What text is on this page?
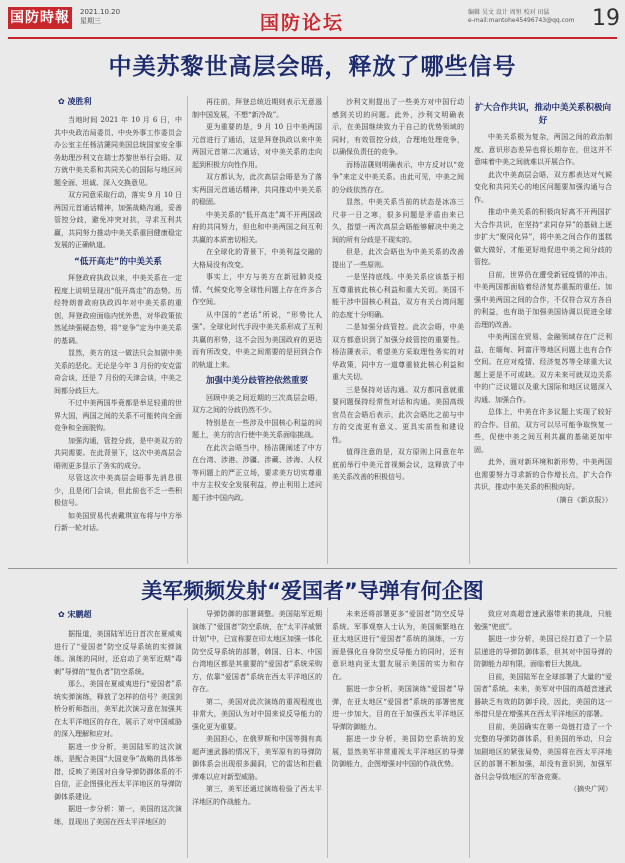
国防時報 2021.10.20
星期三	国防论坛	编辑 吴文 设计 周恒 校对 田猛
e-mail:mantohe45496743@qq.com 19
中美苏黎世高层会晤，释放了哪些信号
✿ 凌胜利

当地时间 2021 年 10 月 6 日，中共中央政治局委员、中央外事工作委员会办公室主任杨洁篪同美国总统国家安全事务助理沙利文在瑞士苏黎世举行会晤。双方就中美关系和共同关心的国际与地区问题全面、坦诚、深入交换意见。

双方同意采取行动，落实 9 月 10 日两国元首通话精神，加强战略沟通，妥善管控分歧，避免冲突对抗，寻求互利共赢，共同努力推动中美关系重回健康稳定发展的正确轨道。

“低开高走”的中美关系

拜登政府执政以来，中美关系在一定程度上说明呈现出“低开高走”的态势。历经特朗普政府执政四年对中美关系的重创，拜登政府面临内忧外患，对华政策依然延续强硬态势，将“竞争”定为中美关系的基调。

显然，美方的这一做法只会加剧中美关系的恶化。无论是今年 3 月份的安克雷奇会谈，还是 7 月份的天津会谈，中美之间都分歧巨大。

不过中美两国毕竟都是举足轻重的世界大国，两国之间的关系不可能转向全面竞争和全面脱钩。

加强沟通，管控分歧，是中美双方的共同需要。在此背景下，这次中美高层会晤则更多显示了务实的成分。

尽管这次中美高层会晤事先消息很少，且是闭门会谈，但此前也不乏一些积极信号。

如美国贸易代表戴琪宣布将与中方举行新一轮对话。

再往前，拜登总统近期则表示无意遏制中国发展，不想“新冷战”。

更为重要的是，9 月 10 日中美两国元首进行了通话，这是拜登执政以来中美两国元首第二次通话，对中美关系的走向起到积极方向性作用。

双方都认为，此次高层会晤是为了落实两国元首通话精神，共同推动中美关系的稳固。

中美关系的“低开高走”离不开两国政府的共同努力，但也和中美两国之间互利共赢的本质密切相关。

在全球化的背景下，中美利益交融的大格局没有改变。

事实上，中方与美方在新冠肺炎疫情、气候变化等全球性问题上存在许多合作空间。

从中国的“老话”所说，“形势比人强”。全球化时代手段中美关系形成了互利共赢的形势，这不会因为美国政府的更迭而有所改变，中美之间需要的是回到合作的轨道上来。

加强中美分歧管控依然重要

回顾中美之间近期的三次高层会晤，双方之间的分歧仍然不少。

特别是在一些涉及中国核心利益的问题上，美方的言行使中美关系面临挑战。

在此次会晤当中，杨洁篪阐述了中方在台湾、涉港、涉疆、涉藏、涉海、人权等问题上的严正立场，要求美方切实尊重中方主权安全发展利益，停止利用上述问题干涉中国内政。

沙利文则提出了一些美方对中国行动感到关切的问题。此外，沙利文明确表示，在美国继续致力于自己的优势领域的同时，有效管控分歧，合理地处理竞争，以确保负责任的竞争。

而杨洁篪则明确表示，中方反对以“竞争”来定义中美关系。由此可见，中美之间的分歧依然存在。

显然，中美关系当前的状态是冰冻三尺非一日之寒，很多问题是矛盾由来已久，指望一两次高层会晤能够解决中美之间的所有分歧是不现实的。

但是，此次会晤也为中美关系的改善提出了一些原则。

一是坚持底线。中美关系应该基于相互尊重彼此核心利益和重大关切。美国不能干涉中国核心利益，双方有关台湾问题的态度十分明确。

二是加强分歧管控。此次会晤，中美双方都意识到了加强分歧管控的重要性。杨洁篪表示，希望美方采取理性务实的对华政策，同中方一道尊重彼此核心利益和重大关切。

三是保持对话沟通。双方都同意就重要问题保持经常性对话和沟通。美国高级官员在会晤后表示，此次会晤比之前与中方的交流更有意义、更具实质性和建设性。

值得注意的是，双方原则上同意在年底前举行中美元首视频会议，这释放了中美关系改善的积极信号。

扩大合作共识，推动中美关系积极向好

中美关系极为复杂，两国之间的政治制度、意识形态差异也将长期存在，但这并不意味着中美之间就难以开展合作。

此次中美高层会晤，双方都表达对气候变化和共同关心的地区问题要加强沟通与合作。

推动中美关系的积极向好离不开两国扩大合作共识，在坚持“求同存异”的基础上逐步扩大“聚同化异”，将中美之间合作的蛋糕做大做好，才能更好地促进中美之间分歧的管控。

目前，世界仍在遭受新冠疫情的冲击，中美两国都面临着经济复苏重振的重任。加强中美两国之间的合作，不仅符合双方各自的利益，也有助于加强美国协调以促进全球治理的改善。

中美两国在贸易、金融领域存在广泛利益，在缅甸、阿富汗等地区问题上也有合作空间。在应对疫情、经济复苏等全球重大议题上更是不可或缺。双方未来可就双边关系中的广泛议题以及重大国际和地区议题深入沟通、加强合作。

总体上，中美在许多议题上实现了较好的合作。目前，双方可以尽可能争取恢复一些，促使中美之间互利共赢的基础更加牢固。

此外，面对新环境和新形势，中美两国也需要努力寻求新的合作增长点，扩大合作共识，推动中美关系的积极向好。

（摘自《新京报》）

美军频频发射“爱国者”导弹有何企图
✿ 宋鹏超

据报道，美国陆军近日首次在夏威夷进行了“爱国者”防空反导系统的实弹演练。演练的同时，还启动了美军近期“毒刺”导弹的“复仇者”防空系统。

那么，美国在夏威夷进行“爱国者”系统实弹演练，释放了怎样的信号？美国剑桥分析师指出，美军此次演习意在加强其在太平洋地区的存在，展示了对中国威胁的深入理解和应对。

据进一步分析，美国陆军的这次演练，是配合美国“大国竞争”战略的具体举措，反映了美国对自身导弹防御体系的不自信，正企图强化西太平洋地区的导弹防御体系建设。

据进一步分析：第一，美国的这次演练，显现出了美国在西太平洋地区的

导弹防御的部署调整。美国陆军近期演练了“爱国者”防空系统，在“太平洋威慑计划”中，已宣称要在印太地区加强一体化防空反导系统的部署，韩国、日本、中国台湾地区都是其重要的“爱国者”系统采购方，依靠“爱国者”系统在西太平洋地区的存在。

第二，美国对此次演练的重视程度也非常大，美国认为对中国来说反导能力的强化更为重要。

美国担心，在俄罗斯和中国等拥有高超声速武器的情况下，美军原有的导弹防御体系会出现很多漏洞，它的雷达和拦截弹难以应对新型威胁。

第三，美军还通过演练检验了西太平洋地区的作战能力。

未来还将部署更多“爱国者”防空反导系统。军事观察人士认为，美国频繁地在亚太地区进行“爱国者”系统的演练，一方面是强化自身防空反导能力的同时，还有意识地向亚太盟友展示美国的实力和存在。

据进一步分析，美国演练“爱国者”导弹，在亚太地区“爱国者”系统的部署密度进一步加大，目的在于加强西太平洋地区导弹防御能力。

据进一步分析，美国防空系统的发展，显然美军非常重视太平洋地区的导弹防御能力，企图增强对中国的作战优势。

致应对高超音速武器带来的挑战，只能勉强“兜底”。

据进一步分析，美国已经打造了一个层层递进的导弹防御体系，但其对中国导弹的防御能力却有限，面临着巨大挑战。

目前，美国陆军在全球部署了大量的“爱国者”系统。未来，美军对中国的高超音速武器缺乏有效的防御手段，因此，美国的这一举措只是在增强其在西太平洋地区的部署。

目前，美国确实在第一岛链打造了一个完整的导弹防御体系，但美国的举动，只会加剧地区的紧张局势，美国将在西太平洋地区的部署不断加强，却没有意识到，加强军备只会导致地区的军备竞赛。

（摘央广网）
